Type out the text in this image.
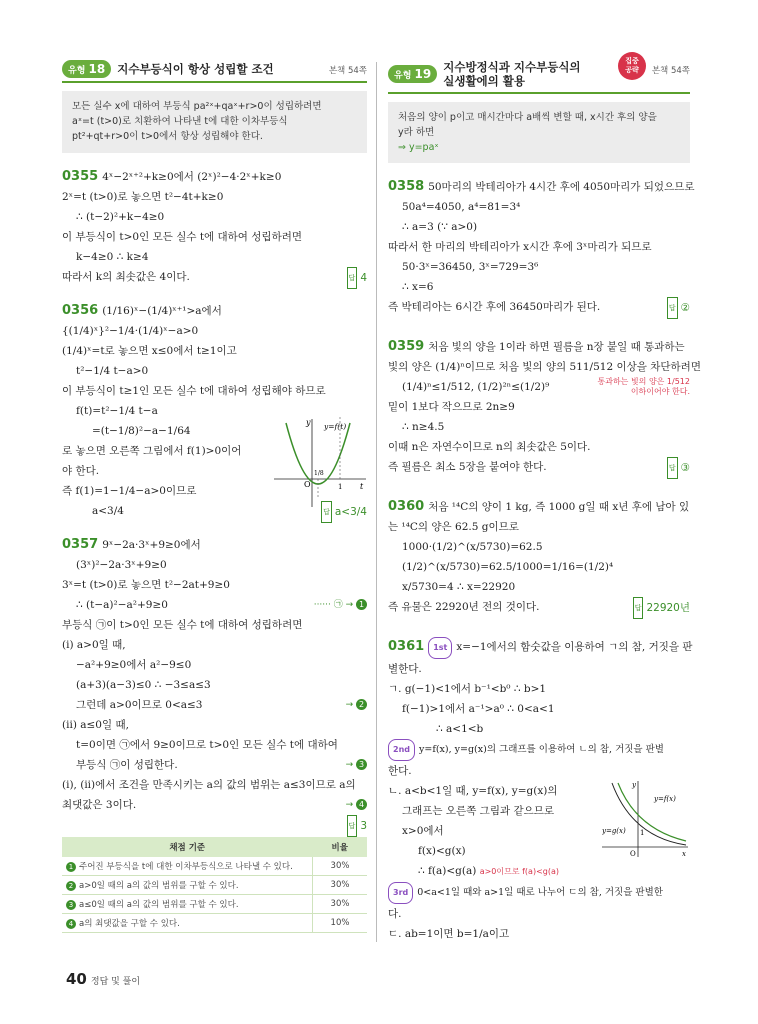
유형 18	지수부등식이 항상 성립할 조건	본책 54쪽
모든 실수 x에 대하여 부등식 pa²ˣ+qaˣ+r>0이 성립하려면
aˣ=t (t>0)로 치환하여 나타낸 t에 대한 이차부등식
pt²+qt+r>0이 t>0에서 항상 성립해야 한다.
0355 4ˣ−2ˣ⁺²+k≥0에서 (2ˣ)²−4·2ˣ+k≥0
2ˣ=t (t>0)로 놓으면 t²−4t+k≥0
∴ (t−2)²+k−4≥0
이 부등식이 t>0인 모든 실수 t에 대하여 성립하려면
k−4≥0 ∴ k≥4
따라서 k의 최솟값은 4이다.	답 4
0356 (1/16)ˣ−(1/4)ˣ⁺¹>a에서
{(1/4)ˣ}²−1/4·(1/4)ˣ−a>0
(1/4)ˣ=t로 놓으면 x≤0에서 t≥1이고
t²−1/4 t−a>0
이 부등식이 t≥1인 모든 실수 t에 대하여 성립해야 하므로
f(t)=t²−1/4 t−a
=(t−1/8)²−a−1/64
로 놓으면 오른쪽 그림에서 f(1)>0이어
야 한다.
즉 f(1)=1−1/4−a>0이므로
a<3/4	답 a<3/4
y y=f(t)
t
O
1/8
1
0357 9ˣ−2a·3ˣ+9≥0에서
(3ˣ)²−2a·3ˣ+9≥0
3ˣ=t (t>0)로 놓으면 t²−2at+9≥0
∴ (t−a)²−a²+9≥0	······ ㉠ → 1
부등식 ㉠이 t>0인 모든 실수 t에 대하여 성립하려면
(i) a>0일 때,
−a²+9≥0에서 a²−9≤0
(a+3)(a−3)≤0 ∴ −3≤a≤3
그런데 a>0이므로 0<a≤3	→ 2
(ii) a≤0일 때,
t=0이면 ㉠에서 9≥0이므로 t>0인 모든 실수 t에 대하여
부등식 ㉠이 성립한다.	→ 3
(i), (ii)에서 조건을 만족시키는 a의 값의 범위는 a≤3이므로 a의
최댓값은 3이다.	→ 4
답 3
채점 기준	비율
1 주어진 부등식을 t에 대한 이차부등식으로 나타낼 수 있다.	30%
2 a>0일 때의 a의 값의 범위를 구할 수 있다.	30%
3 a≤0일 때의 a의 값의 범위를 구할 수 있다.	30%
4 a의 최댓값을 구할 수 있다.	10%
유형 19
지수방정식과 지수부등식의
실생활에의 활용
집중
공략 본책 54쪽
처음의 양이 p이고 매시간마다 a배씩 변할 때, x시간 후의 양을
y라 하면
⇒ y=paˣ
0358 50마리의 박테리아가 4시간 후에 4050마리가 되었으므로
50a⁴=4050, a⁴=81=3⁴
∴ a=3 (∵ a>0)
따라서 한 마리의 박테리아가 x시간 후에 3ˣ마리가 되므로
50·3ˣ=36450, 3ˣ=729=3⁶
∴ x=6
즉 박테리아는 6시간 후에 36450마리가 된다.	답 ②
0359 처음 빛의 양을 1이라 하면 필름을 n장 붙일 때 통과하는
빛의 양은 (1/4)ⁿ이므로 처음 빛의 양의 511/512 이상을 차단하려면
(1/4)ⁿ≤1/512, (1/2)²ⁿ≤(1/2)⁹	통과하는 빛의 양은 1/512
이하이어야 한다.
밑이 1보다 작으므로 2n≥9
∴ n≥4.5
이때 n은 자연수이므로 n의 최솟값은 5이다.
즉 필름은 최소 5장을 붙여야 한다.	답 ③
0360 처음 ¹⁴C의 양이 1 kg, 즉 1000 g일 때 x년 후에 남아 있
는 ¹⁴C의 양은 62.5 g이므로
1000·(1/2)^(x/5730)=62.5
(1/2)^(x/5730)=62.5/1000=1/16=(1/2)⁴
x/5730=4 ∴ x=22920
즉 유물은 22920년 전의 것이다.	답 22920년
0361 1st x=−1에서의 함숫값을 이용하여 ㄱ의 참, 거짓을 판
별한다.
ㄱ. g(−1)<1에서 b⁻¹<b⁰ ∴ b>1
f(−1)>1에서 a⁻¹>a⁰ ∴ 0<a<1
∴ a<1<b
2nd y=f(x), y=g(x)의 그래프를 이용하여 ㄴ의 참, 거짓을 판별
한다.
ㄴ. a<b<1일 때, y=f(x), y=g(x)의
그래프는 오른쪽 그림과 같으므로
x>0에서
f(x)<g(x)
∴ f(a)<g(a) a>0이므로 f(a)<g(a)
3rd 0<a<1일 때와 a>1일 때로 나누어 ㄷ의 참, 거짓을 판별한
다.
ㄷ. ab=1이면 b=1/a이고
y
x
O
1
y=f(x)
y=g(x)
40 정답 및 풀이
